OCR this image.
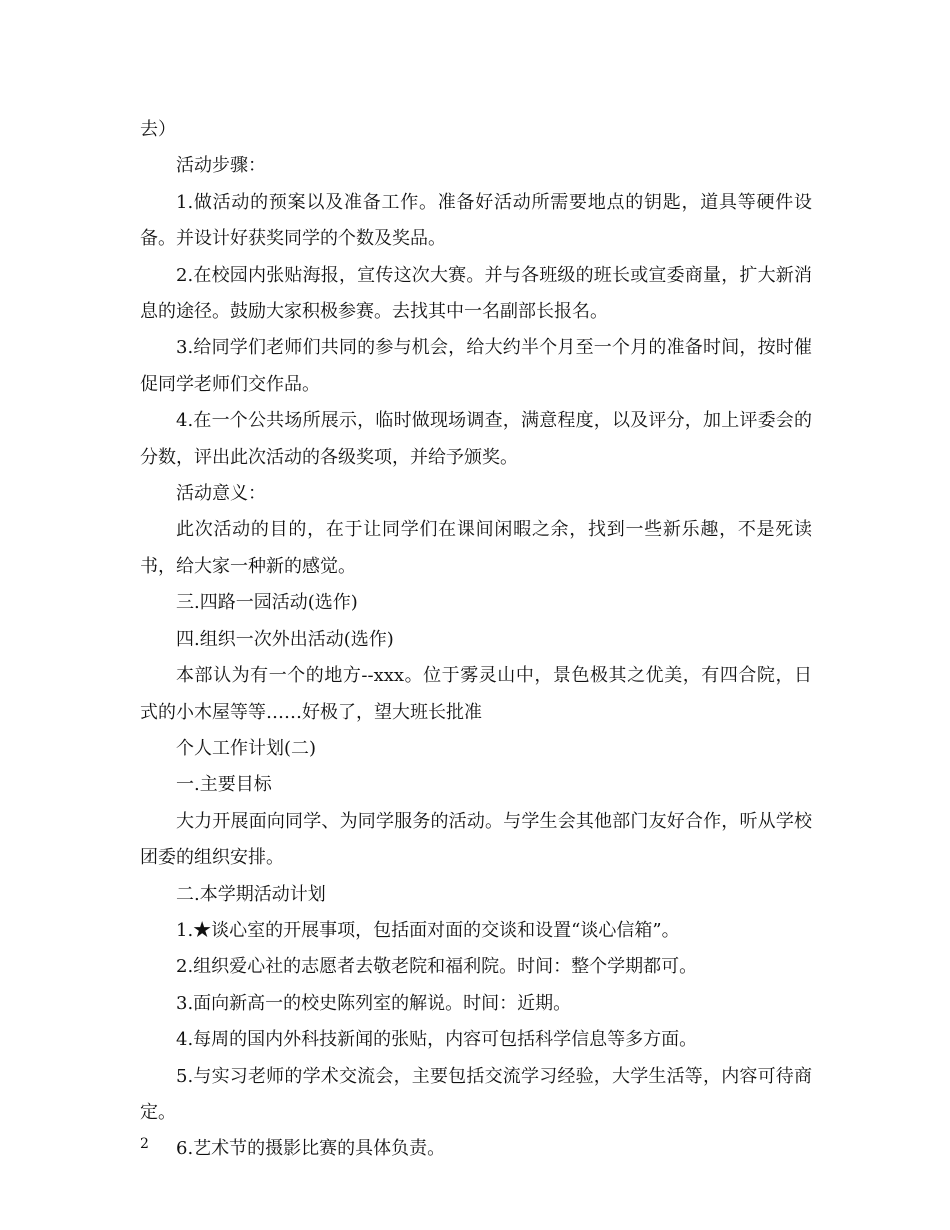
去）

活动步骤：

1.做活动的预案以及准备工作。准备好活动所需要地点的钥匙，道具等硬件设备。并设计好获奖同学的个数及奖品。

2.在校园内张贴海报，宣传这次大赛。并与各班级的班长或宣委商量，扩大新消息的途径。鼓励大家积极参赛。去找其中一名副部长报名。

3.给同学们老师们共同的参与机会，给大约半个月至一个月的准备时间，按时催促同学老师们交作品。

4.在一个公共场所展示，临时做现场调查，满意程度，以及评分，加上评委会的分数，评出此次活动的各级奖项，并给予颁奖。

活动意义：

此次活动的目的，在于让同学们在课间闲暇之余，找到一些新乐趣，不是死读书，给大家一种新的感觉。

三.四路一园活动(选作)

四.组织一次外出活动(选作)

本部认为有一个的地方--xxx。位于雾灵山中，景色极其之优美，有四合院，日式的小木屋等等……好极了，望大班长批准

个人工作计划(二)

一.主要目标

大力开展面向同学、为同学服务的活动。与学生会其他部门友好合作，听从学校团委的组织安排。

二.本学期活动计划

1.★谈心室的开展事项，包括面对面的交谈和设置“谈心信箱”。

2.组织爱心社的志愿者去敬老院和福利院。时间：整个学期都可。

3.面向新高一的校史陈列室的解说。时间：近期。

4.每周的国内外科技新闻的张贴，内容可包括科学信息等多方面。

5.与实习老师的学术交流会，主要包括交流学习经验，大学生活等，内容可待商定。

6.艺术节的摄影比赛的具体负责。

2
